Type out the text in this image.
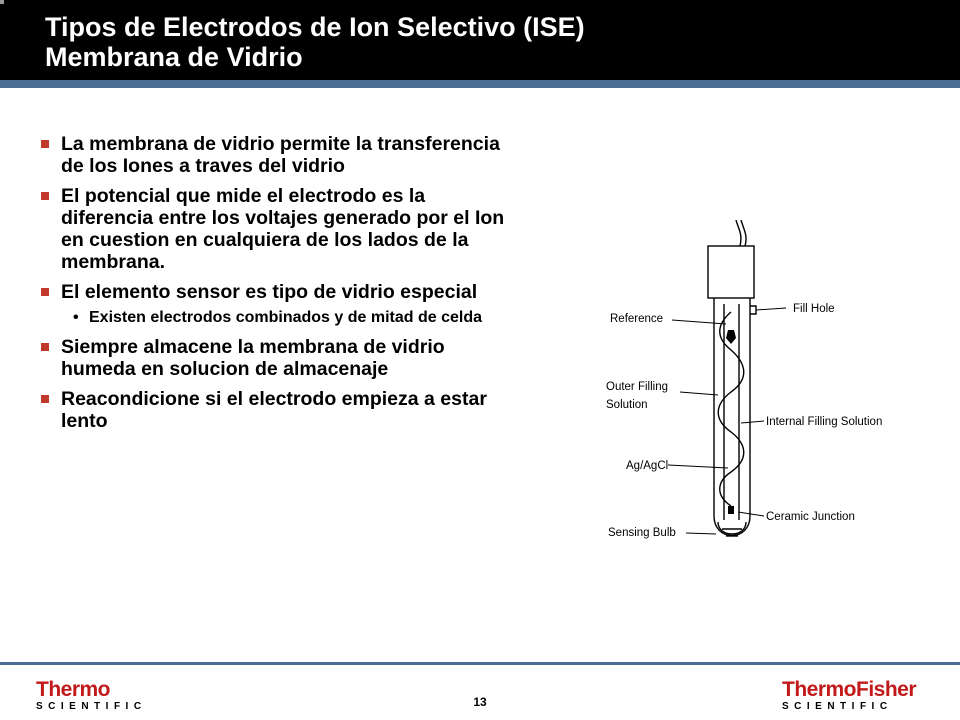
Tipos de Electrodos de Ion Selectivo (ISE)
Membrana de Vidrio
La membrana de vidrio permite la transferencia de los Iones a traves del vidrio
El potencial que mide el electrodo es la diferencia entre los voltajes generado por el Ion en cuestion en cualquiera de los lados de la membrana.
El elemento sensor es tipo de vidrio especial
• Existen electrodos combinados y de mitad de celda
Siempre almacene la membrana de vidrio humeda en solucion de almacenaje
Reacondicione si el electrodo empieza a estar lento
Reference
Outer Filling
Solution
Ag/AgCl
Sensing Bulb
Fill Hole
Internal Filling Solution
Ceramic Junction
Thermo
SCIENTIFIC	13
ThermoFisher
SCIENTIFIC
